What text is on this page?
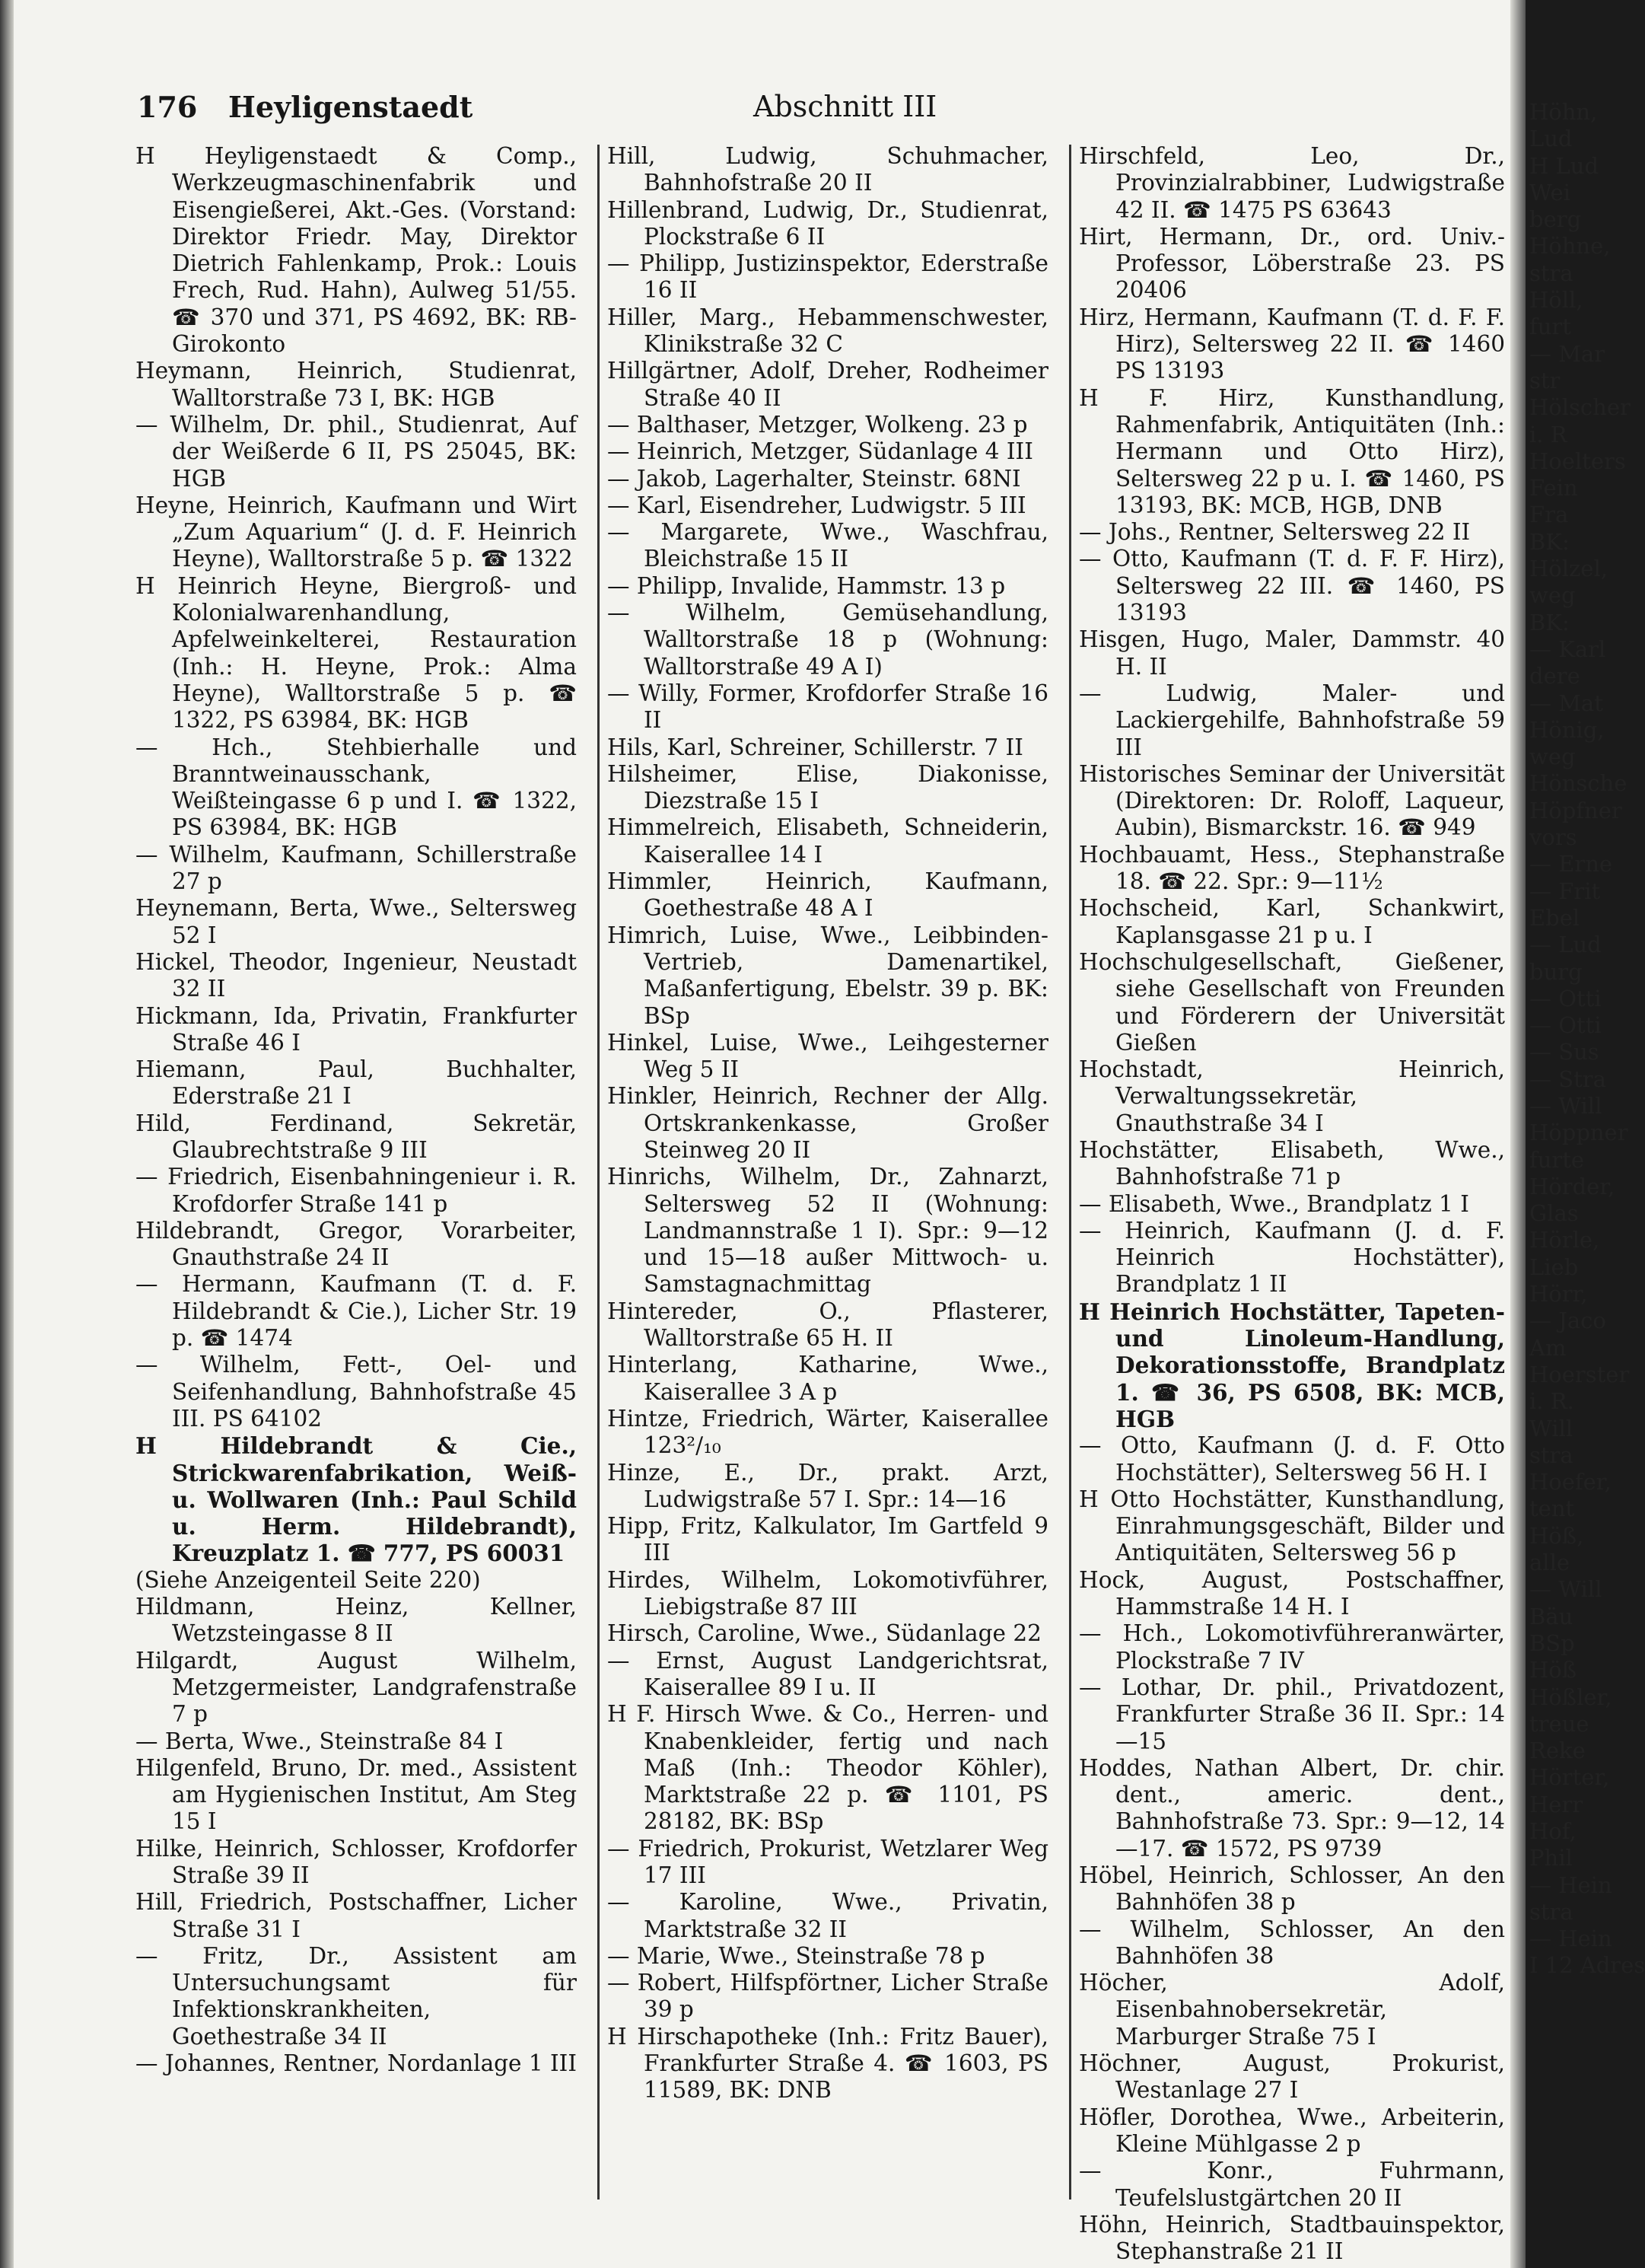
176 Heyligenstaedt	Abschnitt III
H Heyligenstaedt & Comp., Werkzeugmaschinenfabrik und Eisengießerei, Akt.-Ges. (Vorstand: Direktor Friedr. May, Direktor Dietrich Fahlenkamp, Prok.: Louis Frech, Rud. Hahn), Aulweg 51/55. ☎ 370 und 371, PS 4692, BK: RB-Girokonto
Heymann, Heinrich, Studienrat, Walltorstraße 73 I, BK: HGB
— Wilhelm, Dr. phil., Studienrat, Auf der Weißerde 6 II, PS 25045, BK: HGB
Heyne, Heinrich, Kaufmann und Wirt „Zum Aquarium“ (J. d. F. Heinrich Heyne), Walltorstraße 5 p. ☎ 1322
H Heinrich Heyne, Biergroß- und Kolonialwarenhandlung, Apfelweinkelterei, Restauration (Inh.: H. Heyne, Prok.: Alma Heyne), Walltorstraße 5 p. ☎ 1322, PS 63984, BK: HGB
— Hch., Stehbierhalle und Branntweinausschank, Weißteingasse 6 p und I. ☎ 1322, PS 63984, BK: HGB
— Wilhelm, Kaufmann, Schillerstraße 27 p
Heynemann, Berta, Wwe., Seltersweg 52 I
Hickel, Theodor, Ingenieur, Neustadt 32 II
Hickmann, Ida, Privatin, Frankfurter Straße 46 I
Hiemann, Paul, Buchhalter, Ederstraße 21 I
Hild, Ferdinand, Sekretär, Glaubrechtstraße 9 III
— Friedrich, Eisenbahningenieur i. R. Krofdorfer Straße 141 p
Hildebrandt, Gregor, Vorarbeiter, Gnauthstraße 24 II
— Hermann, Kaufmann (T. d. F. Hildebrandt & Cie.), Licher Str. 19 p. ☎ 1474
— Wilhelm, Fett-, Oel- und Seifenhandlung, Bahnhofstraße 45 III. PS 64102
H Hildebrandt & Cie., Strickwarenfabrikation, Weiß- u. Wollwaren (Inh.: Paul Schild u. Herm. Hildebrandt), Kreuzplatz 1. ☎ 777, PS 60031
(Siehe Anzeigenteil Seite 220)
Hildmann, Heinz, Kellner, Wetzsteingasse 8 II
Hilgardt, August Wilhelm, Metzgermeister, Landgrafenstraße 7 p
— Berta, Wwe., Steinstraße 84 I
Hilgenfeld, Bruno, Dr. med., Assistent am Hygienischen Institut, Am Steg 15 I
Hilke, Heinrich, Schlosser, Krofdorfer Straße 39 II
Hill, Friedrich, Postschaffner, Licher Straße 31 I
— Fritz, Dr., Assistent am Untersuchungsamt für Infektionskrankheiten, Goethestraße 34 II
— Johannes, Rentner, Nordanlage 1 III
Hill, Ludwig, Schuhmacher, Bahnhofstraße 20 II
Hillenbrand, Ludwig, Dr., Studienrat, Plockstraße 6 II
— Philipp, Justizinspektor, Ederstraße 16 II
Hiller, Marg., Hebammenschwester, Klinikstraße 32 C
Hillgärtner, Adolf, Dreher, Rodheimer Straße 40 II
— Balthaser, Metzger, Wolkeng. 23 p
— Heinrich, Metzger, Südanlage 4 III
— Jakob, Lagerhalter, Steinstr. 68NI
— Karl, Eisendreher, Ludwigstr. 5 III
— Margarete, Wwe., Waschfrau, Bleichstraße 15 II
— Philipp, Invalide, Hammstr. 13 p
— Wilhelm, Gemüsehandlung, Walltorstraße 18 p (Wohnung: Walltorstraße 49 A I)
— Willy, Former, Krofdorfer Straße 16 II
Hils, Karl, Schreiner, Schillerstr. 7 II
Hilsheimer, Elise, Diakonisse, Diezstraße 15 I
Himmelreich, Elisabeth, Schneiderin, Kaiserallee 14 I
Himmler, Heinrich, Kaufmann, Goethestraße 48 A I
Himrich, Luise, Wwe., Leibbinden-Vertrieb, Damenartikel, Maßanfertigung, Ebelstr. 39 p. BK: BSp
Hinkel, Luise, Wwe., Leihgesterner Weg 5 II
Hinkler, Heinrich, Rechner der Allg. Ortskrankenkasse, Großer Steinweg 20 II
Hinrichs, Wilhelm, Dr., Zahnarzt, Seltersweg 52 II (Wohnung: Landmannstraße 1 I). Spr.: 9—12 und 15—18 außer Mittwoch- u. Samstagnachmittag
Hintereder, O., Pflasterer, Walltorstraße 65 H. II
Hinterlang, Katharine, Wwe., Kaiserallee 3 A p
Hintze, Friedrich, Wärter, Kaiserallee 123²/₁₀
Hinze, E., Dr., prakt. Arzt, Ludwigstraße 57 I. Spr.: 14—16
Hipp, Fritz, Kalkulator, Im Gartfeld 9 III
Hirdes, Wilhelm, Lokomotivführer, Liebigstraße 87 III
Hirsch, Caroline, Wwe., Südanlage 22
— Ernst, August Landgerichtsrat, Kaiserallee 89 I u. II
H F. Hirsch Wwe. & Co., Herren- und Knabenkleider, fertig und nach Maß (Inh.: Theodor Köhler), Marktstraße 22 p. ☎ 1101, PS 28182, BK: BSp
— Friedrich, Prokurist, Wetzlarer Weg 17 III
— Karoline, Wwe., Privatin, Marktstraße 32 II
— Marie, Wwe., Steinstraße 78 p
— Robert, Hilfspförtner, Licher Straße 39 p
H Hirschapotheke (Inh.: Fritz Bauer), Frankfurter Straße 4. ☎ 1603, PS 11589, BK: DNB
Hirschfeld, Leo, Dr., Provinzialrabbiner, Ludwigstraße 42 II. ☎ 1475 PS 63643
Hirt, Hermann, Dr., ord. Univ.-Professor, Löberstraße 23. PS 20406
Hirz, Hermann, Kaufmann (T. d. F. F. Hirz), Seltersweg 22 II. ☎ 1460 PS 13193
H F. Hirz, Kunsthandlung, Rahmenfabrik, Antiquitäten (Inh.: Hermann und Otto Hirz), Seltersweg 22 p u. I. ☎ 1460, PS 13193, BK: MCB, HGB, DNB
— Johs., Rentner, Seltersweg 22 II
— Otto, Kaufmann (T. d. F. F. Hirz), Seltersweg 22 III. ☎ 1460, PS 13193
Hisgen, Hugo, Maler, Dammstr. 40 H. II
— Ludwig, Maler- und Lackiergehilfe, Bahnhofstraße 59 III
Historisches Seminar der Universität (Direktoren: Dr. Roloff, Laqueur, Aubin), Bismarckstr. 16. ☎ 949
Hochbauamt, Hess., Stephanstraße 18. ☎ 22. Spr.: 9—11½
Hochscheid, Karl, Schankwirt, Kaplansgasse 21 p u. I
Hochschulgesellschaft, Gießener, siehe Gesellschaft von Freunden und Förderern der Universität Gießen
Hochstadt, Heinrich, Verwaltungssekretär, Gnauthstraße 34 I
Hochstätter, Elisabeth, Wwe., Bahnhofstraße 71 p
— Elisabeth, Wwe., Brandplatz 1 I
— Heinrich, Kaufmann (J. d. F. Heinrich Hochstätter), Brandplatz 1 II
H Heinrich Hochstätter, Tapeten- und Linoleum-Handlung, Dekorationsstoffe, Brandplatz 1. ☎ 36, PS 6508, BK: MCB, HGB
— Otto, Kaufmann (J. d. F. Otto Hochstätter), Seltersweg 56 H. I
H Otto Hochstätter, Kunsthandlung, Einrahmungsgeschäft, Bilder und Antiquitäten, Seltersweg 56 p
Hock, August, Postschaffner, Hammstraße 14 H. I
— Hch., Lokomotivführeranwärter, Plockstraße 7 IV
— Lothar, Dr. phil., Privatdozent, Frankfurter Straße 36 II. Spr.: 14—15
Hoddes, Nathan Albert, Dr. chir. dent., americ. dent., Bahnhofstraße 73. Spr.: 9—12, 14—17. ☎ 1572, PS 9739
Höbel, Heinrich, Schlosser, An den Bahnhöfen 38 p
— Wilhelm, Schlosser, An den Bahnhöfen 38
Höcher, Adolf, Eisenbahnobersekretär, Marburger Straße 75 I
Höchner, August, Prokurist, Westanlage 27 I
Höfler, Dorothea, Wwe., Arbeiterin, Kleine Mühlgasse 2 p
— Konr., Fuhrmann, Teufelslustgärtchen 20 II
Höhn, Heinrich, Stadtbauinspektor, Stephanstraße 21 II
Höhn,
Lud
H Lud
Wei
berg
Höhne,
stra
Höll,
furt
— Mar
str
Hölscher
i. R
Hoelters
Fein
Fra
BK:
Hölzel,
weg
BK:
— Karl
dere
— Mat
Hönig,
weg
Hönsche
Höpfner
vors
— Erne
— Frit
Ebel
— Lud
burg
— Otti
— Otti
— Sus
— Stra
— Will
Höppner
furte
Hörder,
Glas
Hörle,
Lieb
Hörr,
— Jaco
Am
Hoerster
i. R.
Will
stra
Hoefer,
tent
Höß,
alle
— Will
Bäu
BSp
Höß
Hößler,
treue
Reke
Hörter,
Herr
Hof,
Phil
— Hein
stra
— Hein
I 12 Adres
